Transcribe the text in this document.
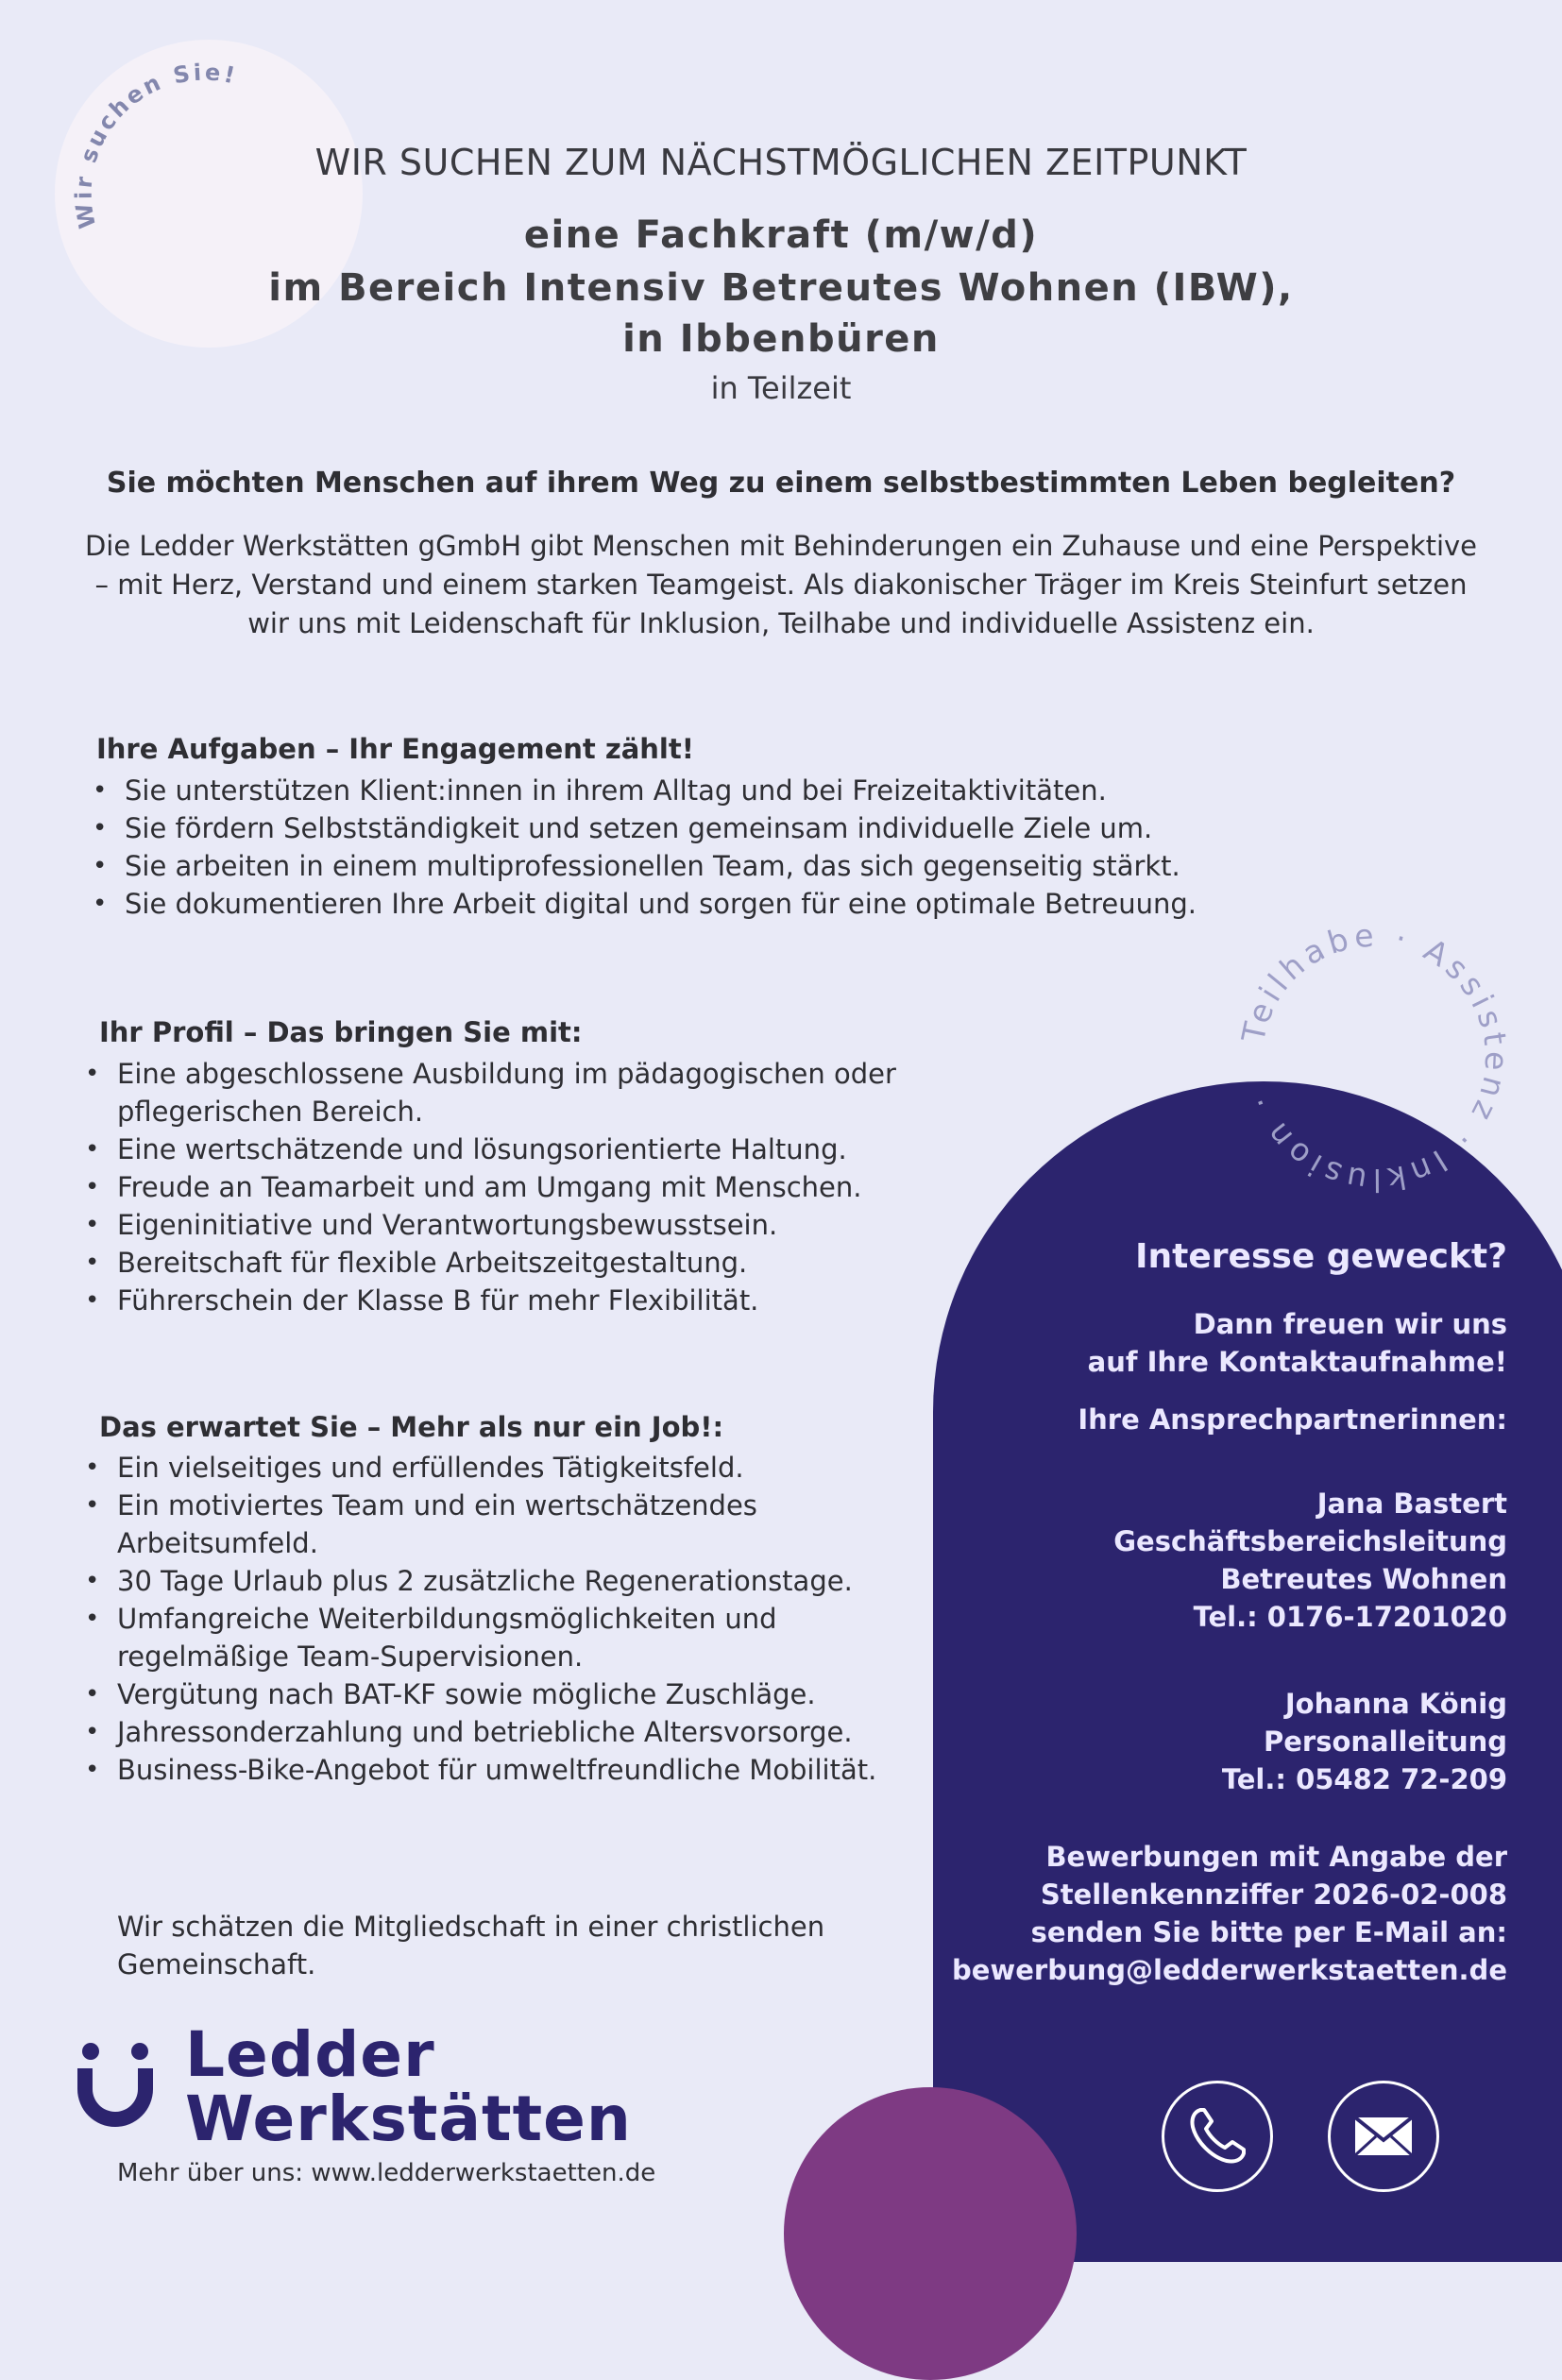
Wir suchen Sie!
Teilhabe · Assistenz · Inklusion ·
WIR SUCHEN ZUM NÄCHSTMÖGLICHEN ZEITPUNKT
eine Fachkraft (m/w/d)
im Bereich Intensiv Betreutes Wohnen (IBW),
in Ibbenbüren
in Teilzeit
Sie möchten Menschen auf ihrem Weg zu einem selbstbestimmten Leben begleiten?
Die Ledder Werkstätten gGmbH gibt Menschen mit Behinderungen ein Zuhause und eine Perspektive – mit Herz, Verstand und einem starken Teamgeist. Als diakonischer Träger im Kreis Steinfurt setzen wir uns mit Leidenschaft für Inklusion, Teilhabe und individuelle Assistenz ein.
Ihre Aufgaben – Ihr Engagement zählt!
• Sie unterstützen Klient:innen in ihrem Alltag und bei Freizeitaktivitäten.
• Sie fördern Selbstständigkeit und setzen gemeinsam individuelle Ziele um.
• Sie arbeiten in einem multiprofessionellen Team, das sich gegenseitig stärkt.
• Sie dokumentieren Ihre Arbeit digital und sorgen für eine optimale Betreuung.
Ihr Profil – Das bringen Sie mit:
• Eine abgeschlossene Ausbildung im pädagogischen oder pflegerischen Bereich.
• Eine wertschätzende und lösungsorientierte Haltung.
• Freude an Teamarbeit und am Umgang mit Menschen.
• Eigeninitiative und Verantwortungsbewusstsein.
• Bereitschaft für flexible Arbeitszeitgestaltung.
• Führerschein der Klasse B für mehr Flexibilität.
Das erwartet Sie – Mehr als nur ein Job!:
• Ein vielseitiges und erfüllendes Tätigkeitsfeld.
• Ein motiviertes Team und ein wertschätzendes Arbeitsumfeld.
• 30 Tage Urlaub plus 2 zusätzliche Regenerationstage.
• Umfangreiche Weiterbildungsmöglichkeiten und regelmäßige Team-Supervisionen.
• Vergütung nach BAT-KF sowie mögliche Zuschläge.
• Jahressonderzahlung und betriebliche Altersvorsorge.
• Business-Bike-Angebot für umweltfreundliche Mobilität.
Wir schätzen die Mitgliedschaft in einer christlichen Gemeinschaft.
Ledder
Werkstätten
Mehr über uns: www.ledderwerkstaetten.de
Interesse geweckt?
Dann freuen wir uns
auf Ihre Kontaktaufnahme!
Ihre Ansprechpartnerinnen:
Jana Bastert
Geschäftsbereichsleitung
Betreutes Wohnen
Tel.: 0176-17201020
Johanna König
Personalleitung
Tel.: 05482 72-209
Bewerbungen mit Angabe der
Stellenkennziffer 2026-02-008
senden Sie bitte per E-Mail an:
bewerbung@ledderwerkstaetten.de
